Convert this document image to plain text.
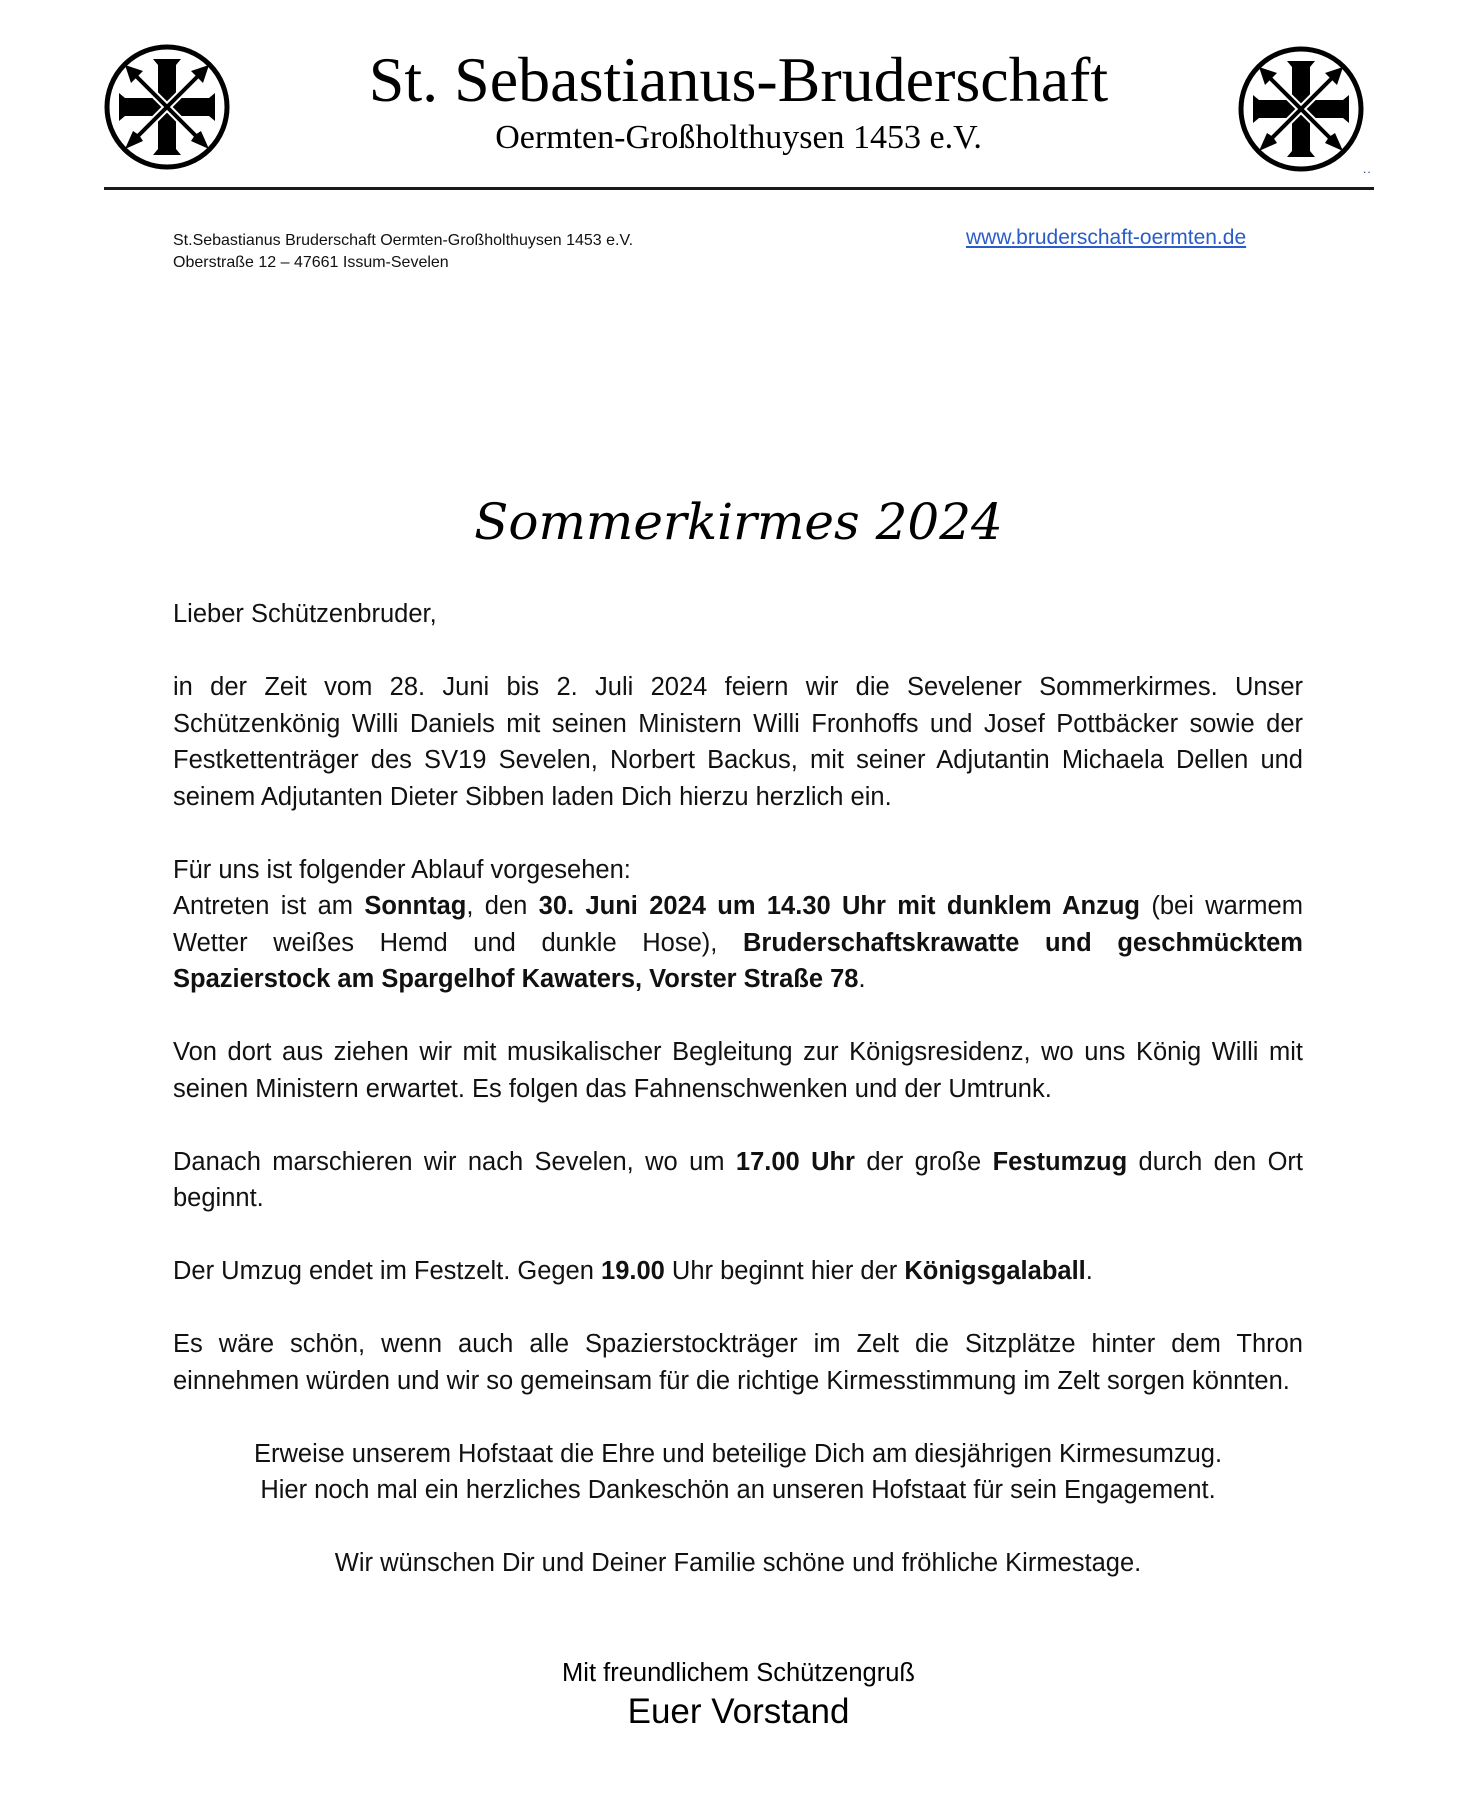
..
St. Sebastianus-Bruderschaft
Oermten-Großholthuysen 1453 e.V.
St.Sebastianus Bruderschaft Oermten-Großholthuysen 1453 e.V.
Oberstraße 12 – 47661 Issum-Sevelen
www.bruderschaft-oermten.de
Sommerkirmes 2024

Lieber Schützenbruder,

in der Zeit vom 28. Juni bis 2. Juli 2024 feiern wir die Sevelener Sommerkirmes. Unser Schützenkönig Willi Daniels mit seinen Ministern Willi Fronhoffs und Josef Pottbäcker sowie der Festkettenträger des SV19 Sevelen, Norbert Backus, mit seiner Adjutantin Michaela Dellen und seinem Adjutanten Dieter Sibben laden Dich hierzu herzlich ein.

Für uns ist folgender Ablauf vorgesehen:
Antreten ist am Sonntag, den 30. Juni 2024 um 14.30 Uhr mit dunklem Anzug (bei warmem Wetter weißes Hemd und dunkle Hose), Bruderschaftskrawatte und geschmücktem Spazierstock am Spargelhof Kawaters, Vorster Straße 78.

Von dort aus ziehen wir mit musikalischer Begleitung zur Königsresidenz, wo uns König Willi mit seinen Ministern erwartet. Es folgen das Fahnenschwenken und der Umtrunk.

Danach marschieren wir nach Sevelen, wo um 17.00 Uhr der große Festumzug durch den Ort beginnt.

Der Umzug endet im Festzelt. Gegen 19.00 Uhr beginnt hier der Königsgalaball.

Es wäre schön, wenn auch alle Spazierstockträger im Zelt die Sitzplätze hinter dem Thron einnehmen würden und wir so gemeinsam für die richtige Kirmesstimmung im Zelt sorgen könnten.

Erweise unserem Hofstaat die Ehre und beteilige Dich am diesjährigen Kirmesumzug.
Hier noch mal ein herzliches Dankeschön an unseren Hofstaat für sein Engagement.

Wir wünschen Dir und Deiner Familie schöne und fröhliche Kirmestage.

Mit freundlichem Schützengruß
Euer Vorstand
